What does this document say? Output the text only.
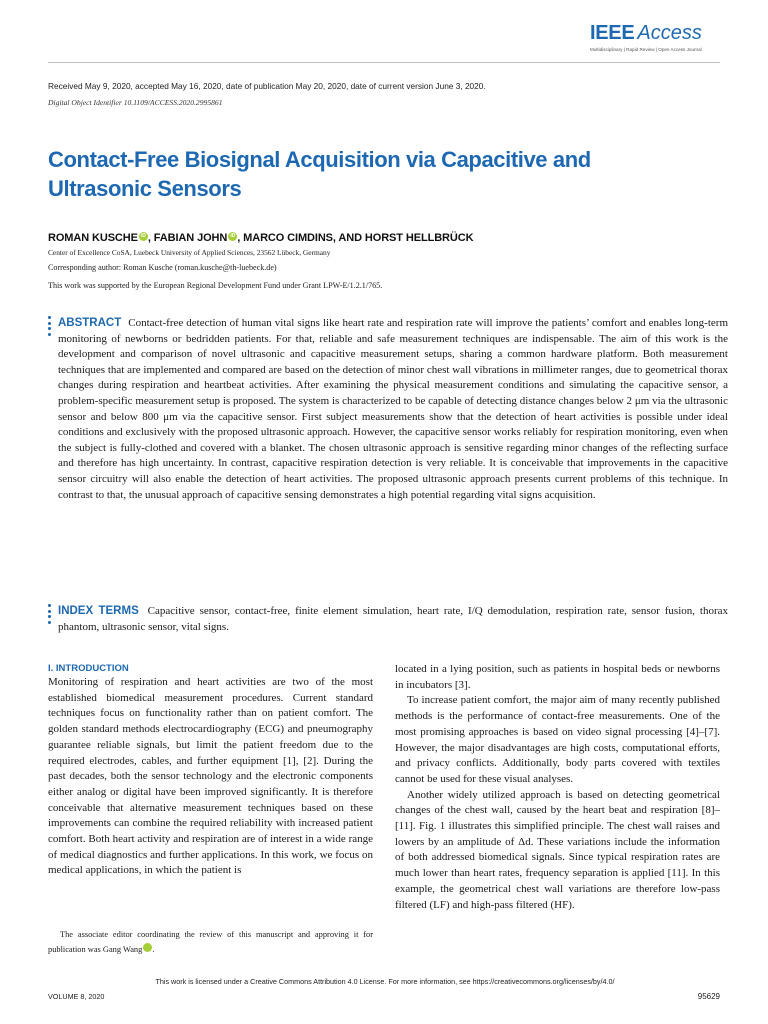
IEEE Access
Multidisciplinary | Rapid Review | Open Access Journal
Received May 9, 2020, accepted May 16, 2020, date of publication May 20, 2020, date of current version June 3, 2020.
Digital Object Identifier 10.1109/ACCESS.2020.2995861
Contact-Free Biosignal Acquisition via Capacitive and Ultrasonic Sensors
ROMAN KUSCHE iD , FABIAN JOHN iD , MARCO CIMDINS, AND HORST HELLBRÜCK
Center of Excellence CoSA, Luebeck University of Applied Sciences, 23562 Lübeck, Germany
Corresponding author: Roman Kusche (roman.kusche@th-luebeck.de)
This work was supported by the European Regional Development Fund under Grant LPW-E/1.2.1/765.
ABSTRACT Contact-free detection of human vital signs like heart rate and respiration rate will improve the patients’ comfort and enables long-term monitoring of newborns or bedridden patients. For that, reliable and safe measurement techniques are indispensable. The aim of this work is the development and comparison of novel ultrasonic and capacitive measurement setups, sharing a common hardware platform. Both measurement techniques that are implemented and compared are based on the detection of minor chest wall vibrations in millimeter ranges, due to geometrical thorax changes during respiration and heartbeat activities. After examining the physical measurement conditions and simulating the capacitive sensor, a problem-specific measurement setup is proposed. The system is characterized to be capable of detecting distance changes below 2 μm via the ultrasonic sensor and below 800 μm via the capacitive sensor. First subject measurements show that the detection of heart activities is possible under ideal conditions and exclusively with the proposed ultrasonic approach. However, the capacitive sensor works reliably for respiration monitoring, even when the subject is fully-clothed and covered with a blanket. The chosen ultrasonic approach is sensitive regarding minor changes of the reflecting surface and therefore has high uncertainty. In contrast, capacitive respiration detection is very reliable. It is conceivable that improvements in the capacitive sensor circuitry will also enable the detection of heart activities. The proposed ultrasonic approach presents current problems of this technique. In contrast to that, the unusual approach of capacitive sensing demonstrates a high potential regarding vital signs acquisition.
INDEX TERMS Capacitive sensor, contact-free, finite element simulation, heart rate, I/Q demodulation, respiration rate, sensor fusion, thorax phantom, ultrasonic sensor, vital signs.
I. INTRODUCTION

Monitoring of respiration and heart activities are two of the most established biomedical measurement procedures. Current standard techniques focus on functionality rather than on patient comfort. The golden standard methods electrocardiography (ECG) and pneumography guarantee reliable signals, but limit the patient freedom due to the required electrodes, cables, and further equipment [1], [2]. During the past decades, both the sensor technology and the electronic components either analog or digital have been improved significantly. It is therefore conceivable that alternative measurement techniques based on these improvements can combine the required reliability with increased patient comfort. Both heart activity and respiration are of interest in a wide range of medical diagnostics and further applications. In this work, we focus on medical applications, in which the patient is

The associate editor coordinating the review of this manuscript and approving it for publication was Gang Wang	iD.

located in a lying position, such as patients in hospital beds or newborns in incubators [3].

To increase patient comfort, the major aim of many recently published methods is the performance of contact-free measurements. One of the most promising approaches is based on video signal processing [4]–[7]. However, the major disadvantages are high costs, computational efforts, and privacy conflicts. Additionally, body parts covered with textiles cannot be used for these visual analyses.

Another widely utilized approach is based on detecting geometrical changes of the chest wall, caused by the heart beat and respiration [8]–[11]. Fig. 1 illustrates this simplified principle. The chest wall raises and lowers by an amplitude of Δd. These variations include the information of both addressed biomedical signals. Since typical respiration rates are much lower than heart rates, frequency separation is applied [11]. In this example, the geometrical chest wall variations are therefore low-pass filtered (LF) and high-pass filtered (HF).

VOLUME 8, 2020
This work is licensed under a Creative Commons Attribution 4.0 License. For more information, see https://creativecommons.org/licenses/by/4.0/
95629
